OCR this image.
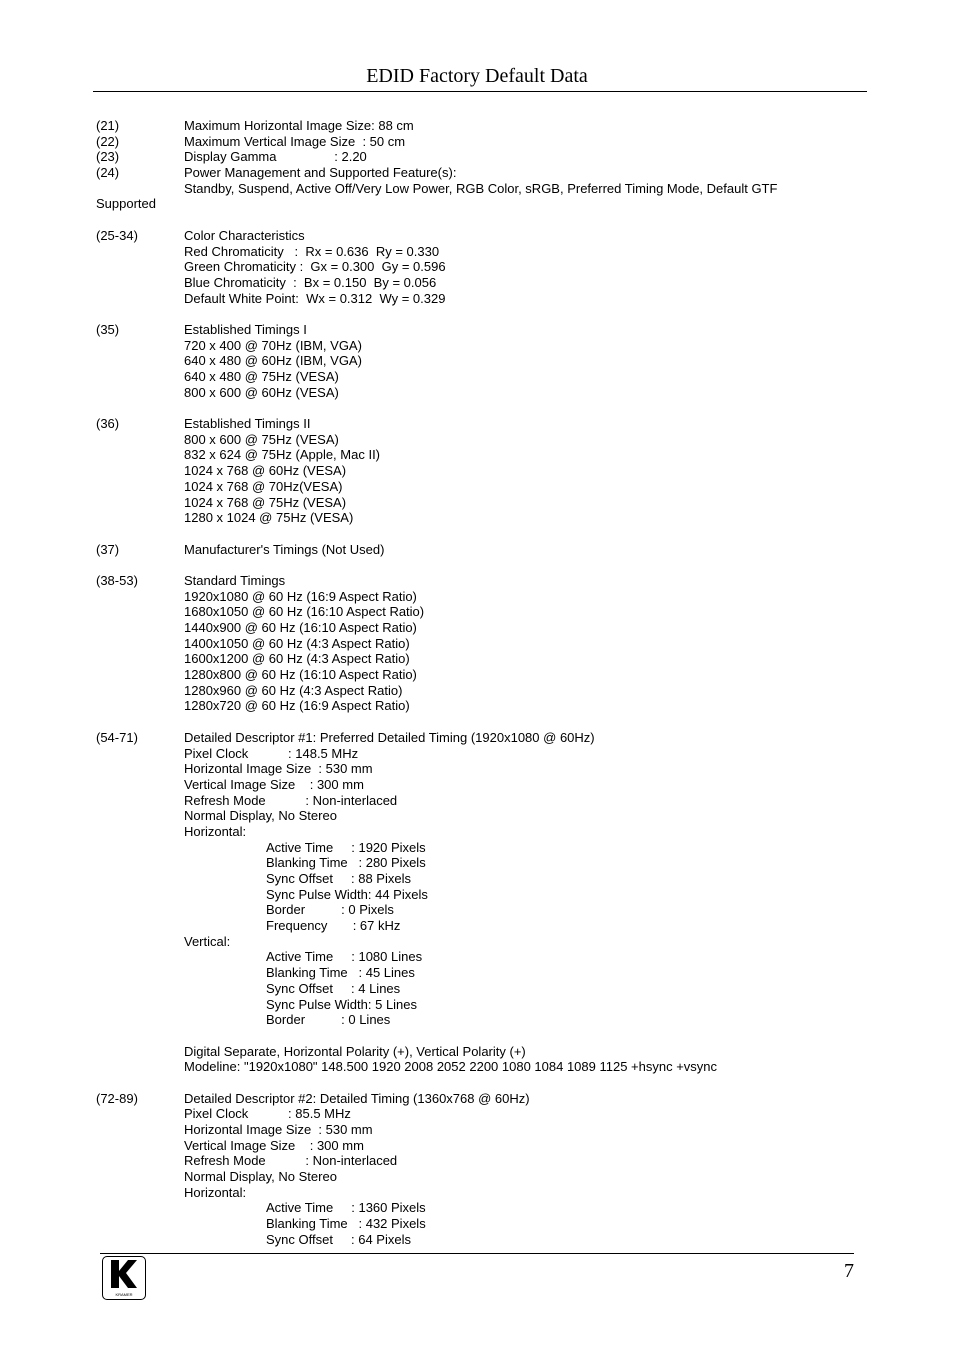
EDID Factory Default Data
(21)	Maximum Horizontal Image Size: 88 cm
(22)	Maximum Vertical Image Size  : 50 cm
(23)	Display Gamma                : 2.20
(24)	Power Management and Supported Feature(s):
Standby, Suspend, Active Off/Very Low Power, RGB Color, sRGB, Preferred Timing Mode, Default GTF
Supported
(25-34)	Color Characteristics
Red Chromaticity   :  Rx = 0.636  Ry = 0.330
Green Chromaticity :  Gx = 0.300  Gy = 0.596
Blue Chromaticity  :  Bx = 0.150  By = 0.056
Default White Point:  Wx = 0.312  Wy = 0.329
(35)	Established Timings I
720 x 400 @ 70Hz (IBM, VGA)
640 x 480 @ 60Hz (IBM, VGA)
640 x 480 @ 75Hz (VESA)
800 x 600 @ 60Hz (VESA)
(36)	Established Timings II
800 x 600 @ 75Hz (VESA)
832 x 624 @ 75Hz (Apple, Mac II)
1024 x 768 @ 60Hz (VESA)
1024 x 768 @ 70Hz(VESA)
1024 x 768 @ 75Hz (VESA)
1280 x 1024 @ 75Hz (VESA)
(37)	Manufacturer's Timings (Not Used)
(38-53)	Standard Timings
1920x1080 @ 60 Hz (16:9 Aspect Ratio)
1680x1050 @ 60 Hz (16:10 Aspect Ratio)
1440x900 @ 60 Hz (16:10 Aspect Ratio)
1400x1050 @ 60 Hz (4:3 Aspect Ratio)
1600x1200 @ 60 Hz (4:3 Aspect Ratio)
1280x800 @ 60 Hz (16:10 Aspect Ratio)
1280x960 @ 60 Hz (4:3 Aspect Ratio)
1280x720 @ 60 Hz (16:9 Aspect Ratio)
(54-71)	Detailed Descriptor #1: Preferred Detailed Timing (1920x1080 @ 60Hz)
Pixel Clock           : 148.5 MHz
Horizontal Image Size  : 530 mm
Vertical Image Size    : 300 mm
Refresh Mode           : Non-interlaced
Normal Display, No Stereo
Horizontal:
Active Time     : 1920 Pixels
Blanking Time   : 280 Pixels
Sync Offset     : 88 Pixels
Sync Pulse Width: 44 Pixels
Border          : 0 Pixels
Frequency       : 67 kHz
Vertical:
Active Time     : 1080 Lines
Blanking Time   : 45 Lines
Sync Offset     : 4 Lines
Sync Pulse Width: 5 Lines
Border          : 0 Lines
Digital Separate, Horizontal Polarity (+), Vertical Polarity (+)
Modeline: "1920x1080" 148.500 1920 2008 2052 2200 1080 1084 1089 1125 +hsync +vsync
(72-89)	Detailed Descriptor #2: Detailed Timing (1360x768 @ 60Hz)
Pixel Clock           : 85.5 MHz
Horizontal Image Size  : 530 mm
Vertical Image Size    : 300 mm
Refresh Mode           : Non-interlaced
Normal Display, No Stereo
Horizontal:
Active Time     : 1360 Pixels
Blanking Time   : 432 Pixels
Sync Offset     : 64 Pixels
KRAMER
7
